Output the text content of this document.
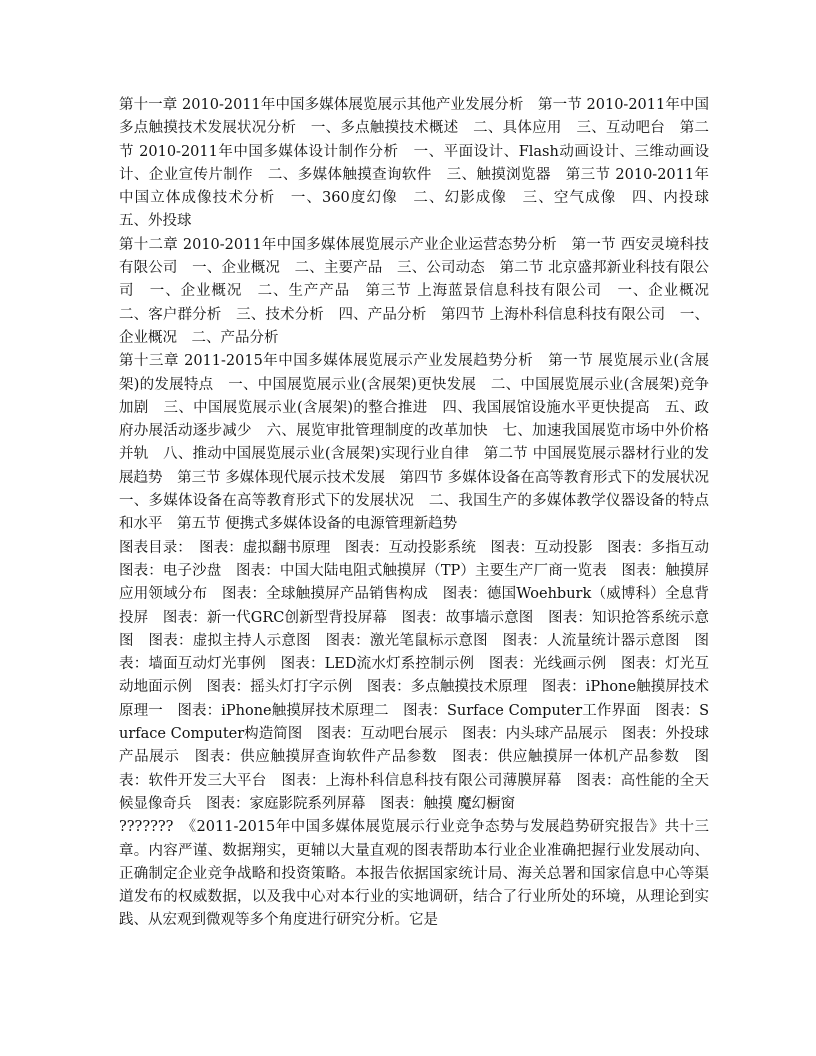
第十一章 2010-2011年中国多媒体展览展示其他产业发展分析　第一节 2010-2011年中国多点触摸技术发展状况分析　一、多点触摸技术概述　二、具体应用　三、互动吧台　第二节 2010-2011年中国多媒体设计制作分析　一、平面设计、Flash动画设计、三维动画设计、企业宣传片制作　二、多媒体触摸查询软件　三、触摸浏览器　第三节 2010-2011年中国立体成像技术分析　一、360度幻像　二、幻影成像　三、空气成像　四、内投球　五、外投球

第十二章 2010-2011年中国多媒体展览展示产业企业运营态势分析　第一节 西安灵境科技有限公司　一、企业概况　二、主要产品　三、公司动态　第二节 北京盛邦新业科技有限公司　一、企业概况　二、生产产品　第三节 上海蓝景信息科技有限公司　一、企业概况　二、客户群分析　三、技术分析　四、产品分析　第四节 上海朴科信息科技有限公司　一、企业概况　二、产品分析

第十三章 2011-2015年中国多媒体展览展示产业发展趋势分析　第一节 展览展示业(含展架)的发展特点　一、中国展览展示业(含展架)更快发展　二、中国展览展示业(含展架)竞争加剧　三、中国展览展示业(含展架)的整合推进　四、我国展馆设施水平更快提高　五、政府办展活动逐步减少　六、展览审批管理制度的改革加快　七、加速我国展览市场中外价格并轨　八、推动中国展览展示业(含展架)实现行业自律　第二节 中国展览展示器材行业的发展趋势　第三节 多媒体现代展示技术发展　第四节 多媒体设备在高等教育形式下的发展状况　一、多媒体设备在高等教育形式下的发展状况　二、我国生产的多媒体教学仪器设备的特点和水平　第五节 便携式多媒体设备的电源管理新趋势

图表目录：　图表：虚拟翻书原理　图表：互动投影系统　图表：互动投影　图表：多指互动　图表：电子沙盘　图表：中国大陆电阻式触摸屏（TP）主要生产厂商一览表　图表：触摸屏应用领域分布　图表：全球触摸屏产品销售构成　图表：德国Woehburk（威博科）全息背投屏　图表：新一代GRC创新型背投屏幕　图表：故事墙示意图　图表：知识抢答系统示意图　图表：虚拟主持人示意图　图表：激光笔鼠标示意图　图表：人流量统计器示意图　图表：墙面互动灯光事例　图表：LED流水灯系控制示例　图表：光线画示例　图表：灯光互动地面示例　图表：摇头灯打字示例　图表：多点触摸技术原理　图表：iPhone触摸屏技术原理一　图表：iPhone触摸屏技术原理二　图表：Surface Computer工作界面　图表：Surface Computer构造简图　图表：互动吧台展示　图表：内头球产品展示　图表：外投球产品展示　图表：供应触摸屏查询软件产品参数　图表：供应触摸屏一体机产品参数　图表：软件开发三大平台　图表：上海朴科信息科技有限公司薄膜屏幕　图表：高性能的全天候显像奇兵　图表：家庭影院系列屏幕　图表：触摸 魔幻橱窗

???????　《2011-2015年中国多媒体展览展示行业竞争态势与发展趋势研究报告》共十三章。内容严谨、数据翔实，更辅以大量直观的图表帮助本行业企业准确把握行业发展动向、正确制定企业竞争战略和投资策略。本报告依据国家统计局、海关总署和国家信息中心等渠道发布的权威数据，以及我中心对本行业的实地调研，结合了行业所处的环境，从理论到实践、从宏观到微观等多个角度进行研究分析。它是
